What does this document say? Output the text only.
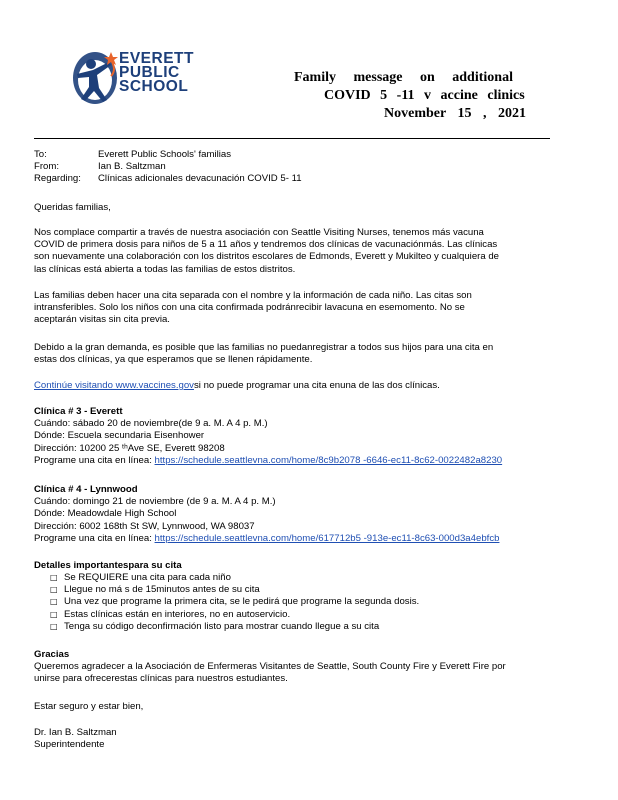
EVERETT
PUBLIC
SCHOOL
Family message on additional
COVID 5 -11 v accine clinics
November 15 , 2021
To:	Everett Public Schools' familias
From:	Ian B. Saltzman
Regarding: Clínicas adicionales devacunación COVID 5- 11
Queridas familias,
Nos complace compartir a través de nuestra asociación con Seattle Visiting Nurses, tenemos más vacuna
COVID de primera dosis para niños de 5 a 11 años y tendremos dos clínicas de vacunaciónmás. Las clínicas
son nuevamente una colaboración con los distritos escolares de Edmonds, Everett y Mukilteo y cualquiera de
las clínicas está abierta a todas las familias de estos distritos.
Las familias deben hacer una cita separada con el nombre y la información de cada niño. Las citas son
intransferibles. Solo los niños con una cita confirmada podránrecibir lavacuna en esemomento. No se
aceptarán visitas sin cita previa.
Debido a la gran demanda, es posible que las familias no puedanregistrar a todos sus hijos para una cita en
estas dos clínicas, ya que esperamos que se llenen rápidamente.
Continúe visitando www.vaccines.govsi no puede programar una cita enuna de las dos clínicas.
Clínica # 3 - Everett
Cuándo: sábado 20 de noviembre(de 9 a. M. A 4 p. M.)
Dónde: Escuela secundaria Eisenhower
Dirección: 10200 25 ᵗʰAve SE, Everett 98208
Programe una cita en línea: https://schedule.seattlevna.com/home/8c9b2078 -6646-ec11-8c62-0022482a8230
Clínica # 4 - Lynnwood
Cuándo: domingo 21 de noviembre (de 9 a. M. A 4 p. M.)
Dónde: Meadowdale High School
Dirección: 6002 168th St SW, Lynnwood, WA 98037
Programe una cita en línea: https://schedule.seattlevna.com/home/617712b5 -913e-ec11-8c63-000d3a4ebfcb
Detalles importantespara su cita
□ Se REQUIERE una cita para cada niño
□ Llegue no má s de 15minutos antes de su cita
□ Una vez que programe la primera cita, se le pedirá que programe la segunda dosis.
□ Estas clínicas están en interiores, no en autoservicio.
□ Tenga su código deconfirmación listo para mostrar cuando llegue a su cita
Gracias
Queremos agradecer a la Asociación de Enfermeras Visitantes de Seattle, South County Fire y Everett Fire por
unirse para ofrecerestas clínicas para nuestros estudiantes.
Estar seguro y estar bien,
Dr. Ian B. Saltzman
Superintendente
